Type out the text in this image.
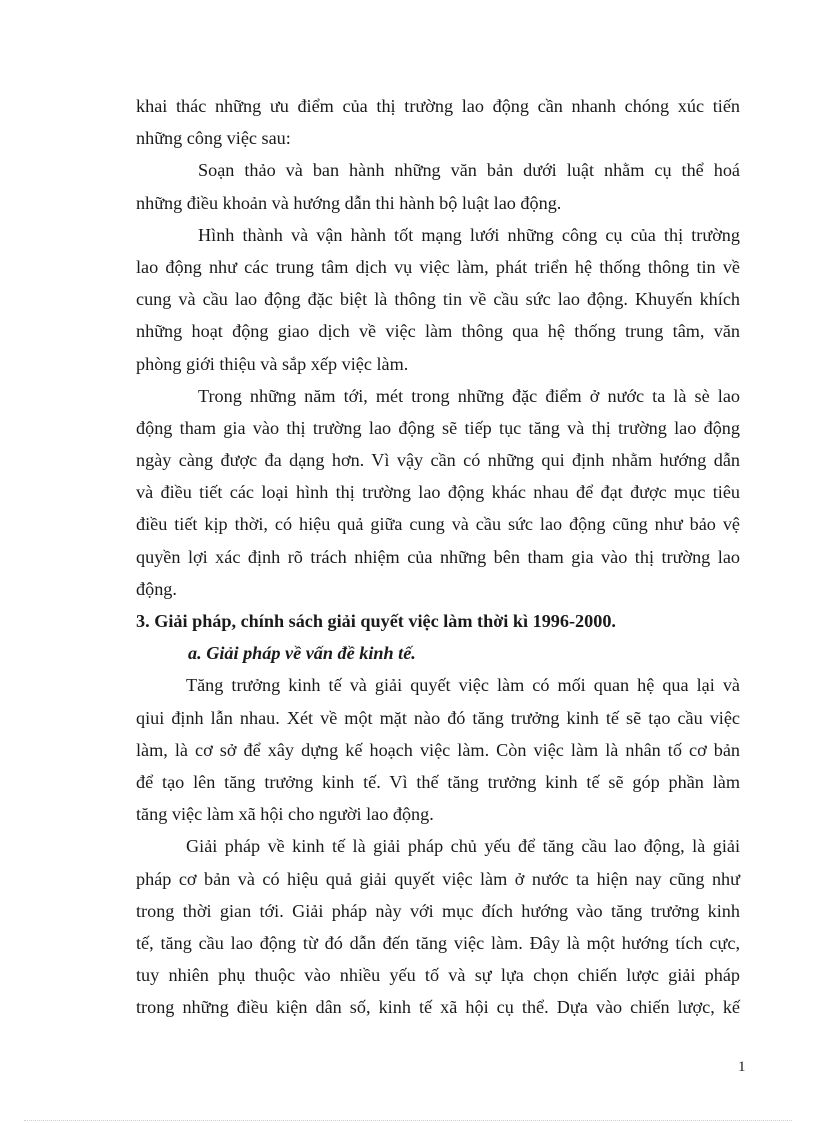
khai thác những ưu điểm của thị trường lao động cần nhanh chóng xúc tiến
những công việc sau:
Soạn thảo và ban hành những văn bản dưới luật nhằm cụ thể hoá
những điều khoản và hướng dẫn thi hành bộ luật lao động.
Hình thành và vận hành tốt mạng lưới những công cụ của thị trường
lao động như các trung tâm dịch vụ việc làm, phát triển hệ thống thông tin về
cung và cầu lao động đặc biệt là thông tin về cầu sức lao động. Khuyến khích
những hoạt động giao dịch về việc làm thông qua hệ thống trung tâm, văn
phòng giới thiệu và sắp xếp việc làm.
Trong những năm tới, mét trong những đặc điểm ở nước ta là sè lao
động tham gia vào thị trường lao động sẽ tiếp tục tăng và thị trường lao động
ngày càng được đa dạng hơn. Vì vậy cần có những qui định nhằm hướng dẫn
và điều tiết các loại hình thị trường lao động khác nhau để đạt được mục tiêu
điều tiết kịp thời, có hiệu quả giữa cung và cầu sức lao động cũng như bảo vệ
quyền lợi xác định rõ trách nhiệm của những bên tham gia vào thị trường lao
động.
3. Giải pháp, chính sách giải quyết việc làm thời kì 1996-2000.
a. Giải pháp về vấn đề kinh tế.
Tăng trưởng kinh tế và giải quyết việc làm có mối quan hệ qua lại và
qiui định lẫn nhau. Xét về một mặt nào đó tăng trưởng kinh tế sẽ tạo cầu việc
làm, là cơ sở để xây dựng kế hoạch việc làm. Còn việc làm là nhân tố cơ bản
để tạo lên tăng trưởng kinh tế. Vì thế tăng trưởng kinh tế sẽ góp phần làm
tăng việc làm xã hội cho người lao động.
Giải pháp về kinh tế là giải pháp chủ yếu để tăng cầu lao động, là giải
pháp cơ bản và có hiệu quả giải quyết việc làm ở nước ta hiện nay cũng như
trong thời gian tới. Giải pháp này với mục đích hướng vào tăng trưởng kinh
tế, tăng cầu lao động từ đó dẫn đến tăng việc làm. Đây là một hướng tích cực,
tuy nhiên phụ thuộc vào nhiều yếu tố và sự lựa chọn chiến lược giải pháp
trong những điều kiện dân số, kinh tế xã hội cụ thể. Dựa vào chiến lược, kế
1
